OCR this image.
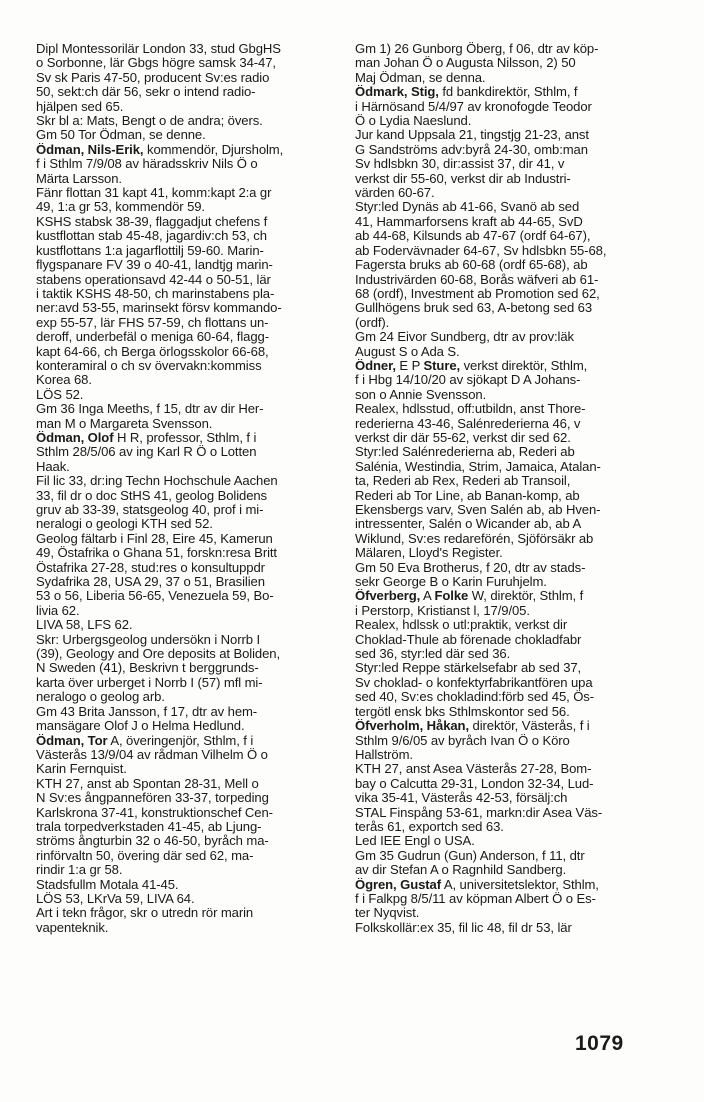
Dipl Montessorilär London 33, stud GbgHS
o Sorbonne, lär Gbgs högre samsk 34-47,
Sv sk Paris 47-50, producent Sv:es radio
50, sekt:ch där 56, sekr o intend radio-
hjälpen sed 65.
Skr bl a: Mats, Bengt o de andra; övers.
Gm 50 Tor Ödman, se denne.
Ödman, Nils-Erik, kommendör, Djursholm,
f i Sthlm 7/9/08 av häradsskriv Nils Ö o
Märta Larsson.
Fänr flottan 31 kapt 41, komm:kapt 2:a gr
49, 1:a gr 53, kommendör 59.
KSHS stabsk 38-39, flaggadjut chefens f
kustflottan stab 45-48, jagardiv:ch 53, ch
kustflottans 1:a jagarflottilj 59-60. Marin-
flygspanare FV 39 o 40-41, landtjg marin-
stabens operationsavd 42-44 o 50-51, lär
i taktik KSHS 48-50, ch marinstabens pla-
ner:avd 53-55, marinsekt försv kommando-
exp 55-57, lär FHS 57-59, ch flottans un-
deroff, underbefäl o meniga 60-64, flagg-
kapt 64-66, ch Berga örlogsskolor 66-68,
konteramiral o ch sv övervakn:kommiss
Korea 68.
LÖS 52.
Gm 36 Inga Meeths, f 15, dtr av dir Her-
man M o Margareta Svensson.
Ödman, Olof H R, professor, Sthlm, f i
Sthlm 28/5/06 av ing Karl R Ö o Lotten
Haak.
Fil lic 33, dr:ing Techn Hochschule Aachen
33, fil dr o doc StHS 41, geolog Bolidens
gruv ab 33-39, statsgeolog 40, prof i mi-
neralogi o geologi KTH sed 52.
Geolog fältarb i Finl 28, Eire 45, Kamerun
49, Östafrika o Ghana 51, forskn:resa Britt
Östafrika 27-28, stud:res o konsultuppdr
Sydafrika 28, USA 29, 37 o 51, Brasilien
53 o 56, Liberia 56-65, Venezuela 59, Bo-
livia 62.
LIVA 58, LFS 62.
Skr: Urbergsgeolog undersökn i Norrb I
(39), Geology and Ore deposits at Boliden,
N Sweden (41), Beskrivn t berggrunds-
karta över urberget i Norrb I (57) mfl mi-
neralogo o geolog arb.
Gm 43 Brita Jansson, f 17, dtr av hem-
mansägare Olof J o Helma Hedlund.
Ödman, Tor A, överingenjör, Sthlm, f i
Västerås 13/9/04 av rådman Vilhelm Ö o
Karin Fernquist.
KTH 27, anst ab Spontan 28-31, Mell o
N Sv:es ångpannefören 33-37, torpeding
Karlskrona 37-41, konstruktionschef Cen-
trala torpedverkstaden 41-45, ab Ljung-
ströms ångturbin 32 o 46-50, byråch ma-
rinförvaltn 50, övering där sed 62, ma-
rindir 1:a gr 58.
Stadsfullm Motala 41-45.
LÖS 53, LKrVa 59, LIVA 64.
Art i tekn frågor, skr o utredn rör marin
vapenteknik.
Gm 1) 26 Gunborg Öberg, f 06, dtr av köp-
man Johan Ö o Augusta Nilsson, 2) 50
Maj Ödman, se denna.
Ödmark, Stig, fd bankdirektör, Sthlm, f
i Härnösand 5/4/97 av kronofogde Teodor
Ö o Lydia Naeslund.
Jur kand Uppsala 21, tingstjg 21-23, anst
G Sandströms adv:byrå 24-30, omb:man
Sv hdlsbkn 30, dir:assist 37, dir 41, v
verkst dir 55-60, verkst dir ab Industri-
värden 60-67.
Styr:led Dynäs ab 41-66, Svanö ab sed
41, Hammarforsens kraft ab 44-65, SvD
ab 44-68, Kilsunds ab 47-67 (ordf 64-67),
ab Fodervävnader 64-67, Sv hdlsbkn 55-68,
Fagersta bruks ab 60-68 (ordf 65-68), ab
Industrivärden 60-68, Borås wäfveri ab 61-
68 (ordf), Investment ab Promotion sed 62,
Gullhögens bruk sed 63, A-betong sed 63
(ordf).
Gm 24 Eivor Sundberg, dtr av prov:läk
August S o Ada S.
Ödner, E P Sture, verkst direktör, Sthlm,
f i Hbg 14/10/20 av sjökapt D A Johans-
son o Annie Svensson.
Realex, hdlsstud, off:utbildn, anst Thore-
rederierna 43-46, Salénrederierna 46, v
verkst dir där 55-62, verkst dir sed 62.
Styr:led Salénrederierna ab, Rederi ab
Salénia, Westindia, Strim, Jamaica, Atalan-
ta, Rederi ab Rex, Rederi ab Transoil,
Rederi ab Tor Line, ab Banan-komp, ab
Ekensbergs varv, Sven Salén ab, ab Hven-
intressenter, Salén o Wicander ab, ab A
Wiklund, Sv:es redareförén, Sjöförsäkr ab
Mälaren, Lloyd's Register.
Gm 50 Eva Brotherus, f 20, dtr av stads-
sekr George B o Karin Furuhjelm.
Öfverberg, A Folke W, direktör, Sthlm, f
i Perstorp, Kristianst l, 17/9/05.
Realex, hdlssk o utl:praktik, verkst dir
Choklad-Thule ab förenade chokladfabr
sed 36, styr:led där sed 36.
Styr:led Reppe stärkelsefabr ab sed 37,
Sv choklad- o konfektyrfabrikantfören upa
sed 40, Sv:es chokladind:förb sed 45, Ös-
tergötl ensk bks Sthlmskontor sed 56.
Öfverholm, Håkan, direktör, Västerås, f i
Sthlm 9/6/05 av byråch Ivan Ö o Köro
Hallström.
KTH 27, anst Asea Västerås 27-28, Bom-
bay o Calcutta 29-31, London 32-34, Lud-
vika 35-41, Västerås 42-53, försälj:ch
STAL Finspång 53-61, markn:dir Asea Väs-
terås 61, exportch sed 63.
Led IEE Engl o USA.
Gm 35 Gudrun (Gun) Anderson, f 11, dtr
av dir Stefan A o Ragnhild Sandberg.
Ögren, Gustaf A, universitetslektor, Sthlm,
f i Falkpg 8/5/11 av köpman Albert Ö o Es-
ter Nyqvist.
Folkskollär:ex 35, fil lic 48, fil dr 53, lär
1079
